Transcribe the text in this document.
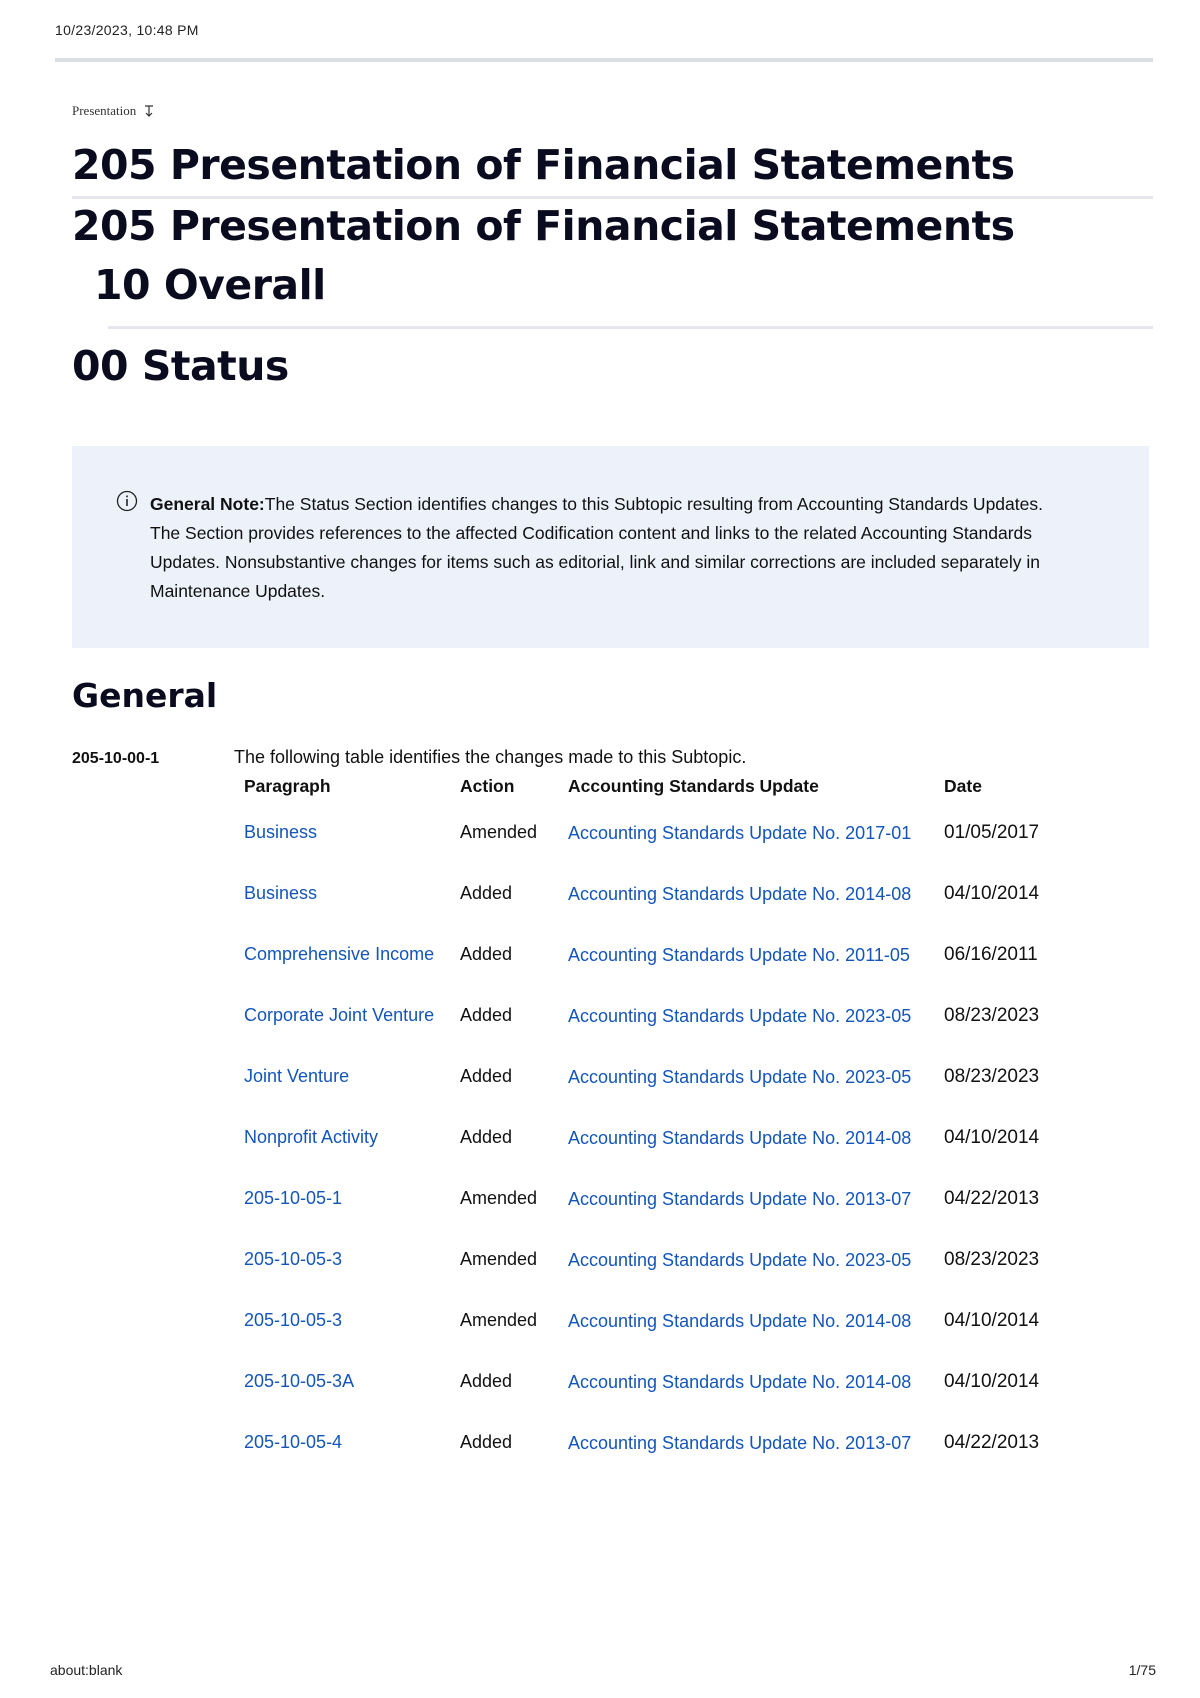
10/23/2023, 10:48 PM
Presentation
205 Presentation of Financial Statements
205 Presentation of Financial Statements
10 Overall
00 Status
General Note:The Status Section identifies changes to this Subtopic resulting from Accounting Standards Updates. The Section provides references to the affected Codification content and links to the related Accounting Standards Updates. Nonsubstantive changes for items such as editorial, link and similar corrections are included separately in Maintenance Updates.
General
205-10-00-1	The following table identifies the changes made to this Subtopic.
Paragraph	Action	Accounting Standards Update	Date
Business	Amended	Accounting Standards Update No. 2017-01	01/05/2017
Business	Added	Accounting Standards Update No. 2014-08	04/10/2014
Comprehensive Income	Added	Accounting Standards Update No. 2011-05	06/16/2011
Corporate Joint Venture	Added	Accounting Standards Update No. 2023-05	08/23/2023
Joint Venture	Added	Accounting Standards Update No. 2023-05	08/23/2023
Nonprofit Activity	Added	Accounting Standards Update No. 2014-08	04/10/2014
205-10-05-1	Amended	Accounting Standards Update No. 2013-07	04/22/2013
205-10-05-3	Amended	Accounting Standards Update No. 2023-05	08/23/2023
205-10-05-3	Amended	Accounting Standards Update No. 2014-08	04/10/2014
205-10-05-3A	Added	Accounting Standards Update No. 2014-08	04/10/2014
205-10-05-4	Added	Accounting Standards Update No. 2013-07	04/22/2013
about:blank	1/75
